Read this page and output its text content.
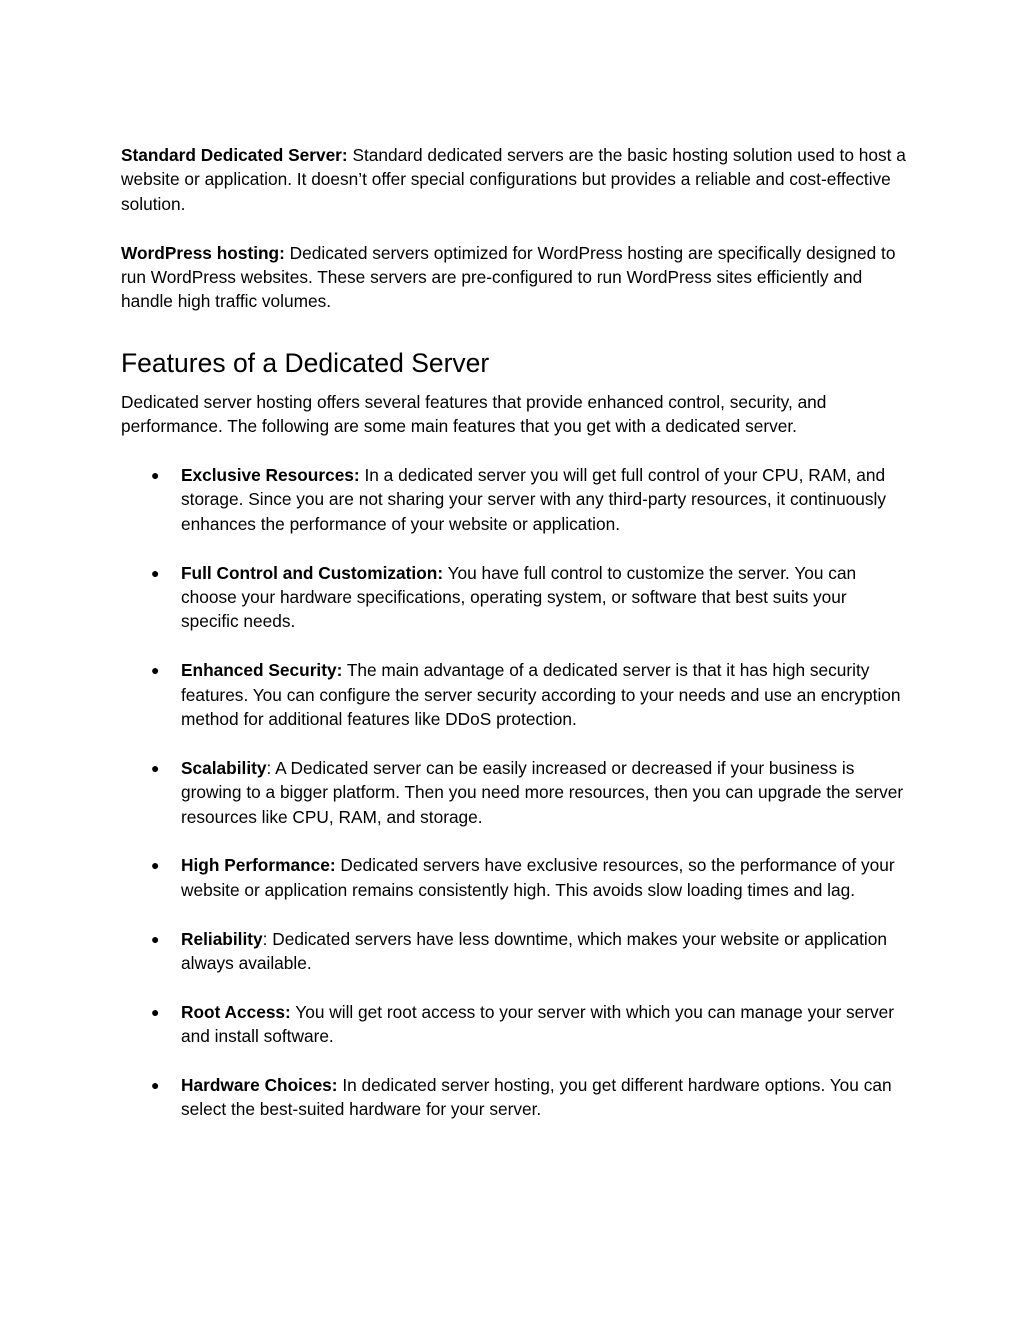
Standard Dedicated Server: Standard dedicated servers are the basic hosting solution used to host a website or application. It doesn’t offer special configurations but provides a reliable and cost-effective solution.

WordPress hosting: Dedicated servers optimized for WordPress hosting are specifically designed to run WordPress websites. These servers are pre-configured to run WordPress sites efficiently and handle high traffic volumes.

Features of a Dedicated Server

Dedicated server hosting offers several features that provide enhanced control, security, and performance. The following are some main features that you get with a dedicated server.

● Exclusive Resources: In a dedicated server you will get full control of your CPU, RAM, and storage. Since you are not sharing your server with any third-party resources, it continuously enhances the performance of your website or application.
● Full Control and Customization: You have full control to customize the server. You can choose your hardware specifications, operating system, or software that best suits your specific needs.
● Enhanced Security: The main advantage of a dedicated server is that it has high security features. You can configure the server security according to your needs and use an encryption method for additional features like DDoS protection.
● Scalability: A Dedicated server can be easily increased or decreased if your business is growing to a bigger platform. Then you need more resources, then you can upgrade the server resources like CPU, RAM, and storage.
● High Performance: Dedicated servers have exclusive resources, so the performance of your website or application remains consistently high. This avoids slow loading times and lag.
● Reliability: Dedicated servers have less downtime, which makes your website or application always available.
● Root Access: You will get root access to your server with which you can manage your server and install software.
● Hardware Choices: In dedicated server hosting, you get different hardware options. You can select the best-suited hardware for your server.
